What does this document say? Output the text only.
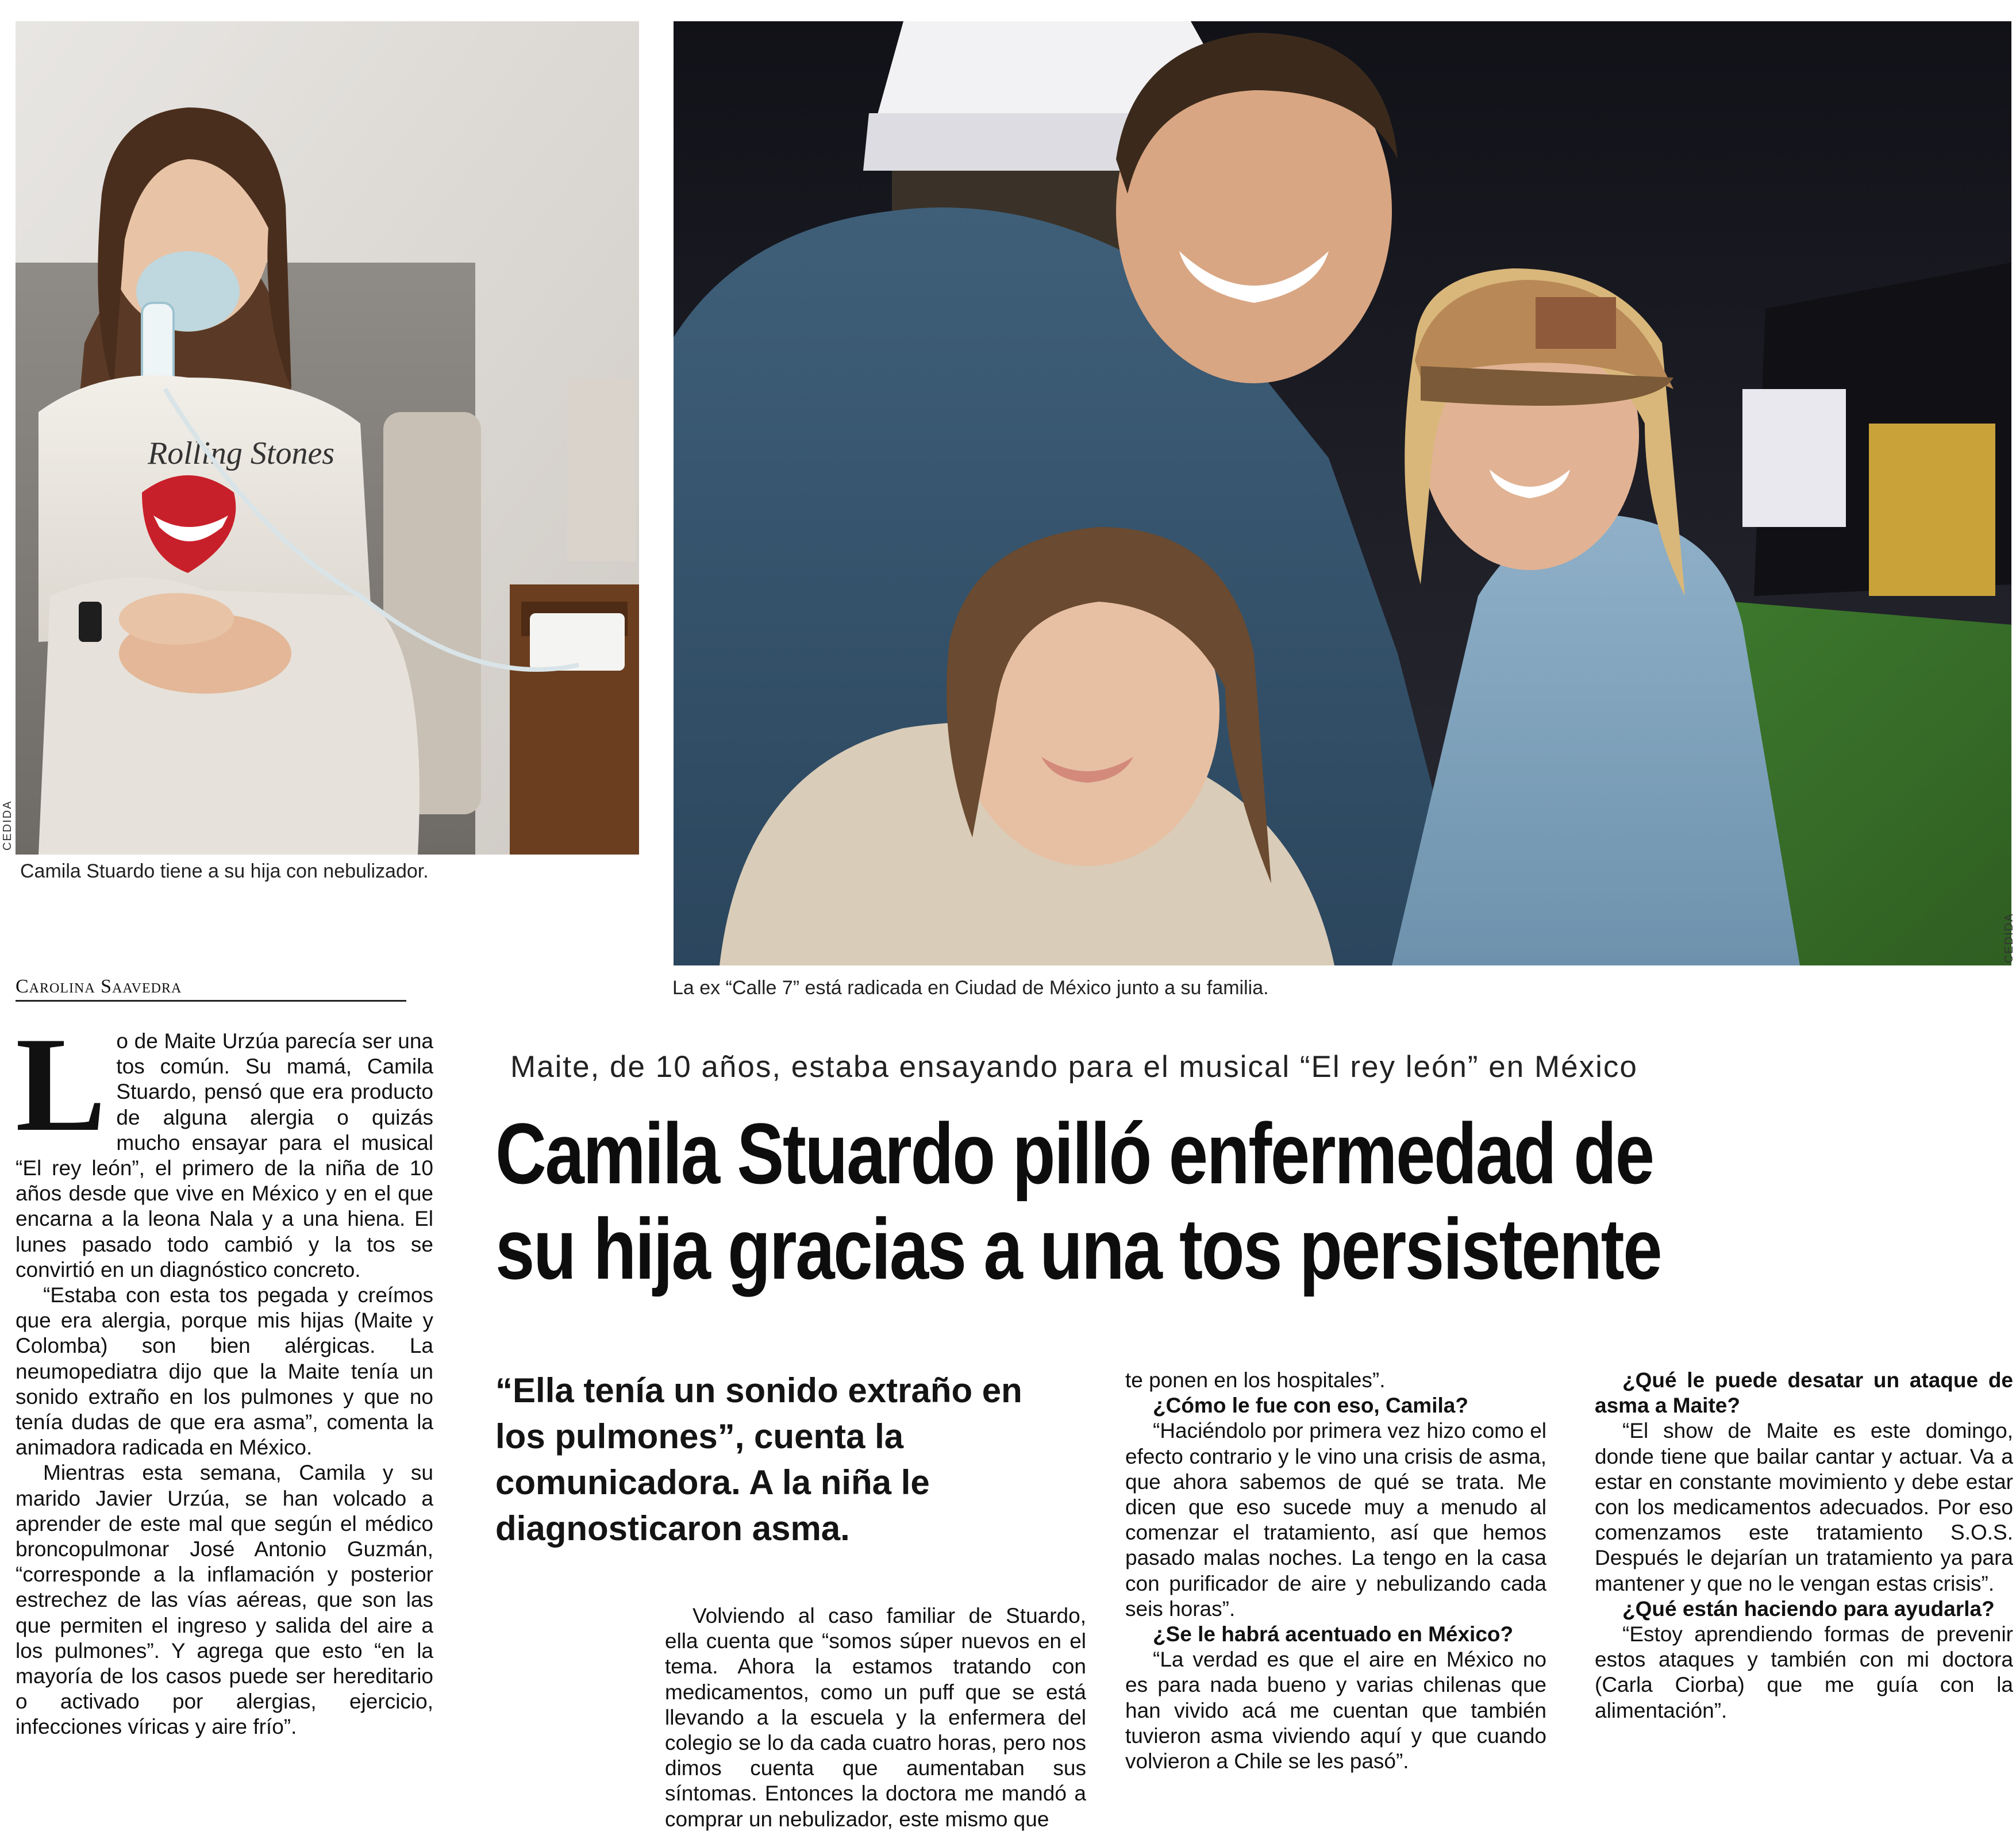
Rolling Stones
CEDIDA
Camila Stuardo tiene a su hija con nebulizador.
CEDIDA
La ex “Calle 7” está radicada en Ciudad de México junto a su familia.
Carolina Saavedra

Lo de Maite Urzúa parecía ser una tos común. Su mamá, Camila Stuardo, pensó que era producto de alguna alergia o quizás mucho ensayar para el musical “El rey león”, el primero de la niña de 10 años desde que vive en México y en el que encarna a la leona Nala y a una hiena. El lunes pasado todo cambió y la tos se convirtió en un diagnóstico concreto.

“Estaba con esta tos pegada y creímos que era alergia, porque mis hijas (Maite y Colomba) son bien alérgicas. La neumopediatra dijo que la Maite tenía un sonido extraño en los pulmones y que no tenía dudas de que era asma”, comenta la animadora radicada en México.

Mientras esta semana, Camila y su marido Javier Urzúa, se han volcado a aprender de este mal que según el médico broncopulmonar José Antonio Guzmán, “corresponde a la inflamación y posterior estrechez de las vías aéreas, que son las que permiten el ingreso y salida del aire a los pulmones”. Y agrega que esto “en la mayoría de los casos puede ser hereditario o activado por alergias, ejercicio, infecciones víricas y aire frío”.

Maite, de 10 años, estaba ensayando para el musical “El rey león” en México
Camila Stuardo pilló enfermedad de
su hija gracias a una tos persistente
“Ella tenía un sonido extraño en los pulmones”, cuenta la comunicadora. A la niña le diagnosticaron asma.

Volviendo al caso familiar de Stuardo, ella cuenta que “somos súper nuevos en el tema. Ahora la estamos tratando con medicamentos, como un puff que se está llevando a la escuela y la enfermera del colegio se lo da cada cuatro horas, pero nos dimos cuenta que aumentaban sus síntomas. Entonces la doctora me mandó a comprar un nebulizador, este mismo que

te ponen en los hospitales”.

¿Cómo le fue con eso, Camila?

“Haciéndolo por primera vez hizo como el efecto contrario y le vino una crisis de asma, que ahora sabemos de qué se trata. Me dicen que eso sucede muy a menudo al comenzar el tratamiento, así que hemos pasado malas noches. La tengo en la casa con purificador de aire y nebulizando cada seis horas”.

¿Se le habrá acentuado en México?

“La verdad es que el aire en México no es para nada bueno y varias chilenas que han vivido acá me cuentan que también tuvieron asma viviendo aquí y que cuando volvieron a Chile se les pasó”.

¿Qué le puede desatar un ataque de asma a Maite?

“El show de Maite es este domingo, donde tiene que bailar cantar y actuar. Va a estar en constante movimiento y debe estar con los medicamentos adecuados. Por eso comenzamos este tratamiento S.O.S. Después le dejarían un tratamiento ya para mantener y que no le vengan estas crisis”.

¿Qué están haciendo para ayudarla?

“Estoy aprendiendo formas de prevenir estos ataques y también con mi doctora (Carla Ciorba) que me guía con la alimentación”.
